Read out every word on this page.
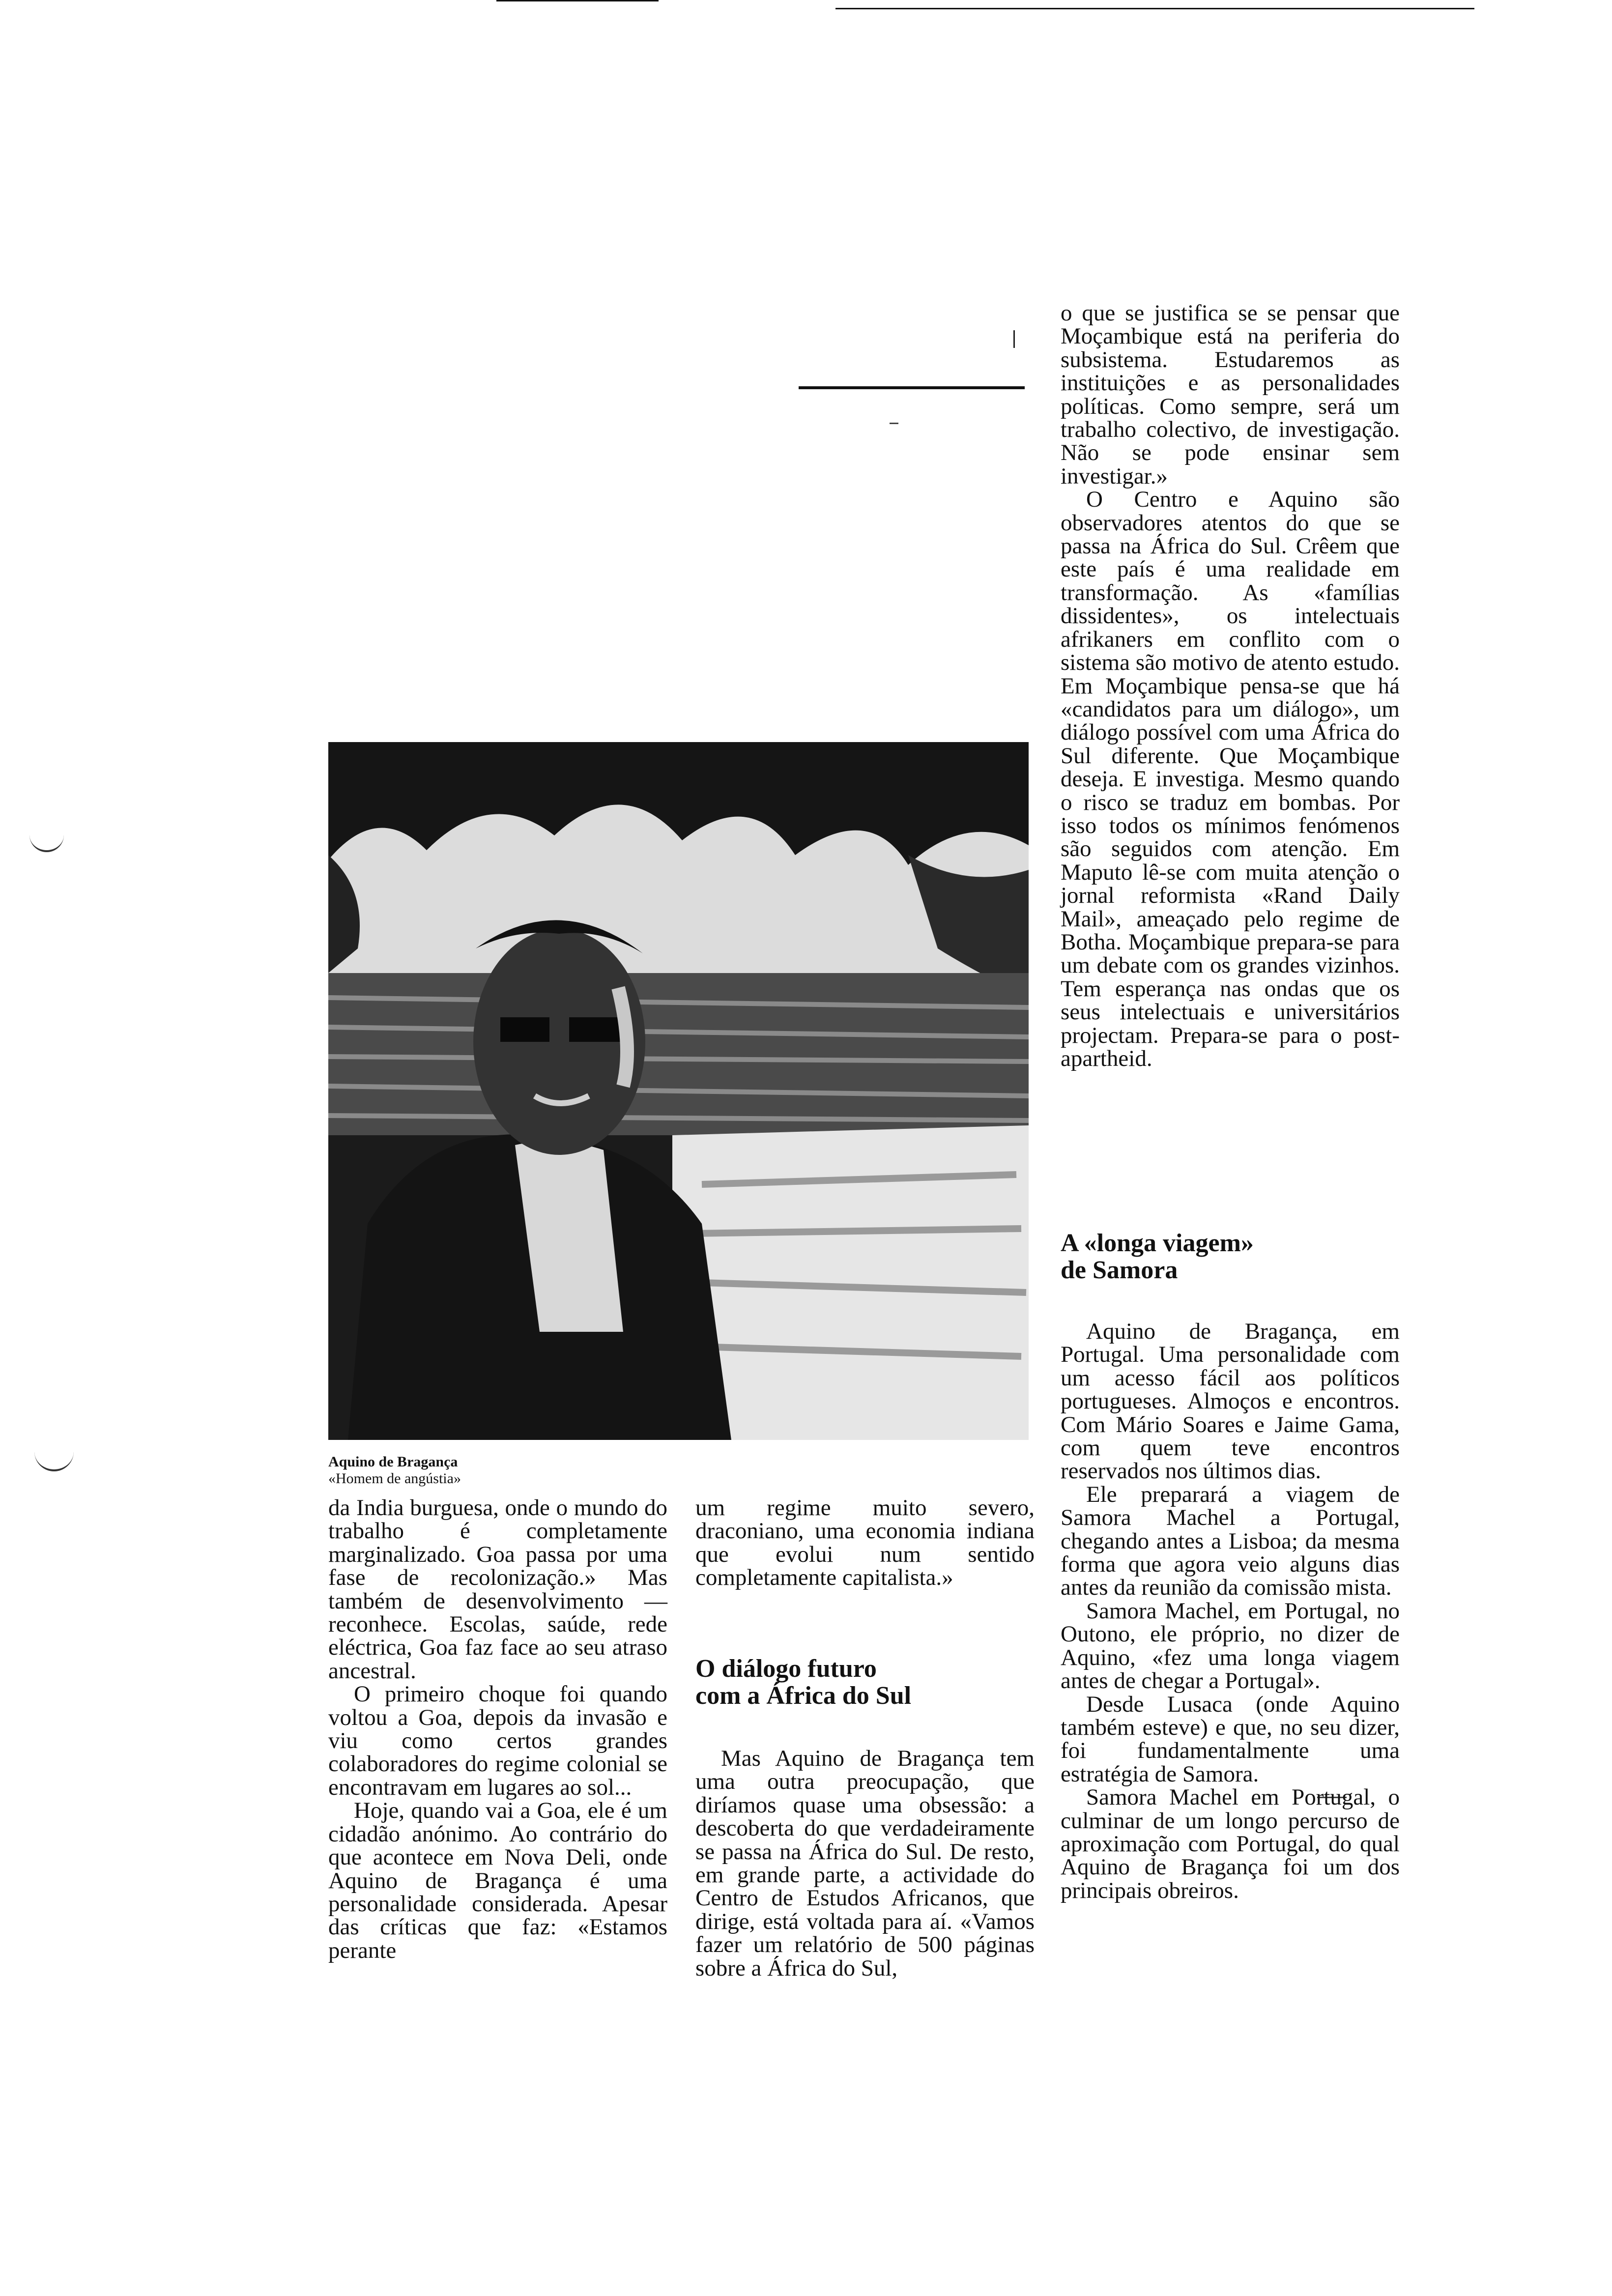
Aquino de Bragança
«Homem de angústia»

da India burguesa, onde o mundo do trabalho é completamente marginalizado. Goa passa por uma fase de recolonização.» Mas também de desenvolvimento — reconhece. Escolas, saúde, rede eléctrica, Goa faz face ao seu atraso ancestral.

O primeiro choque foi quando voltou a Goa, depois da invasão e viu como certos grandes colaboradores do regime colonial se encontravam em lugares ao sol...

Hoje, quando vai a Goa, ele é um cidadão anónimo. Ao contrário do que acontece em Nova Deli, onde Aquino de Bragança é uma personalidade considerada. Apesar das críticas que faz: «Estamos perante

um regime muito severo, draconiano, uma economia indiana que evolui num sentido completamente capitalista.»

O diálogo futuro
com a África do Sul

Mas Aquino de Bragança tem uma outra preocupação, que diríamos quase uma obsessão: a descoberta do que verdadeiramente se passa na África do Sul. De resto, em grande parte, a actividade do Centro de Estudos Africanos, que dirige, está voltada para aí. «Vamos fazer um relatório de 500 páginas sobre a África do Sul,

o que se justifica se se pensar que Moçambique está na periferia do subsistema. Estudaremos as instituições e as personalidades políticas. Como sempre, será um trabalho colectivo, de investigação. Não se pode ensinar sem investigar.»

O Centro e Aquino são observadores atentos do que se passa na África do Sul. Crêem que este país é uma realidade em transformação. As «famílias dissidentes», os intelectuais afrikaners em conflito com o sistema são motivo de atento estudo. Em Moçambique pensa-se que há «candidatos para um diálogo», um diálogo possível com uma África do Sul diferente. Que Moçambique deseja. E investiga. Mesmo quando o risco se traduz em bombas. Por isso todos os mínimos fenómenos são seguidos com atenção. Em Maputo lê-se com muita atenção o jornal reformista «Rand Daily Mail», ameaçado pelo regime de Botha. Moçambique prepara-se para um debate com os grandes vizinhos. Tem esperança nas ondas que os seus intelectuais e universitários projectam. Prepara-se para o post-apartheid.

A «longa viagem»
de Samora

Aquino de Bragança, em Portugal. Uma personalidade com um acesso fácil aos políticos portugueses. Almoços e encontros. Com Mário Soares e Jaime Gama, com quem teve encontros reservados nos últimos dias.

Ele preparará a viagem de Samora Machel a Portugal, chegando antes a Lisboa; da mesma forma que agora veio alguns dias antes da reunião da comissão mista.

Samora Machel, em Portugal, no Outono, ele próprio, no dizer de Aquino, «fez uma longa viagem antes de chegar a Portugal».

Desde Lusaca (onde Aquino também esteve) e que, no seu dizer, foi fundamentalmente uma estratégia de Samora.

Samora Machel em Portugal, o culminar de um longo percurso de aproximação com Portugal, do qual Aquino de Bragança foi um dos principais obreiros.
